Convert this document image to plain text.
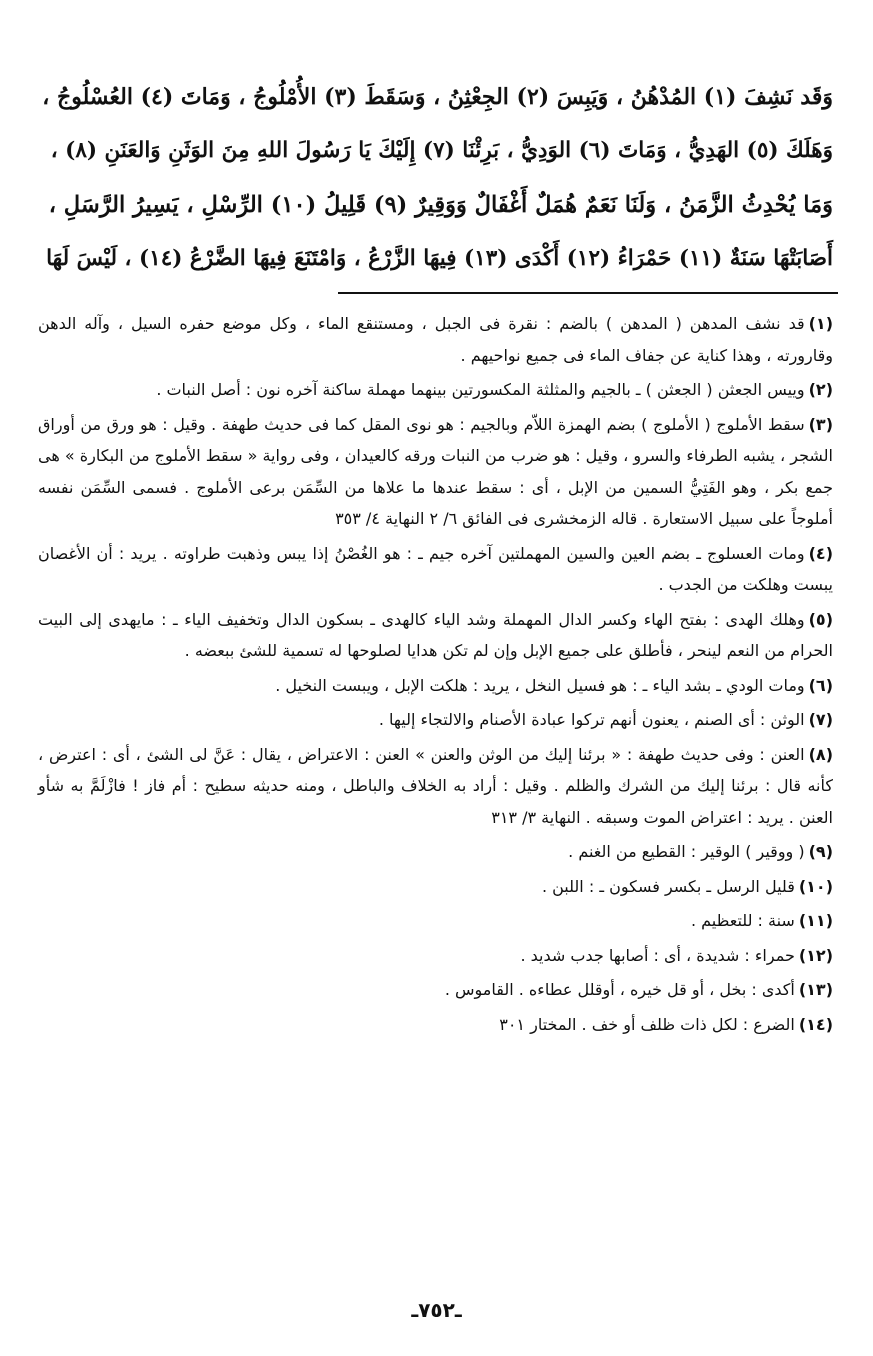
وَقَد نَشِفَ (١) المُدْهُنُ ، وَيَبِسَ (٢) الجِعْثِنُ ، وَسَقَطَ (٣) الأُمْلُوجُ ، وَمَاتَ (٤) العُسْلُوجُ ،
وَهَلَكَ (٥) الهَدِيُّ ، وَمَاتَ (٦) الوَدِيُّ ، بَرِئْنَا (٧) إِلَيْكَ يَا رَسُولَ اللهِ مِنَ الوَثَنِ وَالعَنَنِ (٨) ،
وَمَا يُحْدِثُ الزَّمَنُ ، وَلَنَا نَعَمٌ هُمَلٌ أَغْفَالٌ وَوَقِيرٌ (٩) قَلِيلُ (١٠) الرِّسْلِ ، يَسِيرُ الرَّسَلِ ،
أَصَابَتْهَا سَنَةٌ (١١) حَمْرَاءُ (١٢) أَكْدَى (١٣) فِيهَا الزَّرْعُ ، وَامْتَنَعَ فِيهَا الضَّرْعُ (١٤) ، لَيْسَ لَهَا
(١)قد نشف المدهن ( المدهن ) بالضم : نقرة فى الجبل ، ومستنقع الماء ، وكل موضع حفره السيل ، وآله الدهن وقارورته ، وهذا كناية عن جفاف الماء فى جميع نواحيهم .
(٢)وييس الجعثن ( الجعثن ) ـ بالجيم والمثلثة المكسورتين بينهما مهملة ساكنة آخره نون : أصل النبات .
(٣)سقط الأملوج ( الأملوج ) بضم الهمزة اللاّم وبالجيم : هو نوى المقل كما فى حديث طهفة . وقيل : هو ورق من أوراق الشجر ، يشبه الطرفاء والسرو ، وقيل : هو ضرب من النبات ورقه كالعيدان ، وفى رواية « سقط الأملوج من البكارة » هى جمع بكر ، وهو الفَتِيُّ السمين من الإبل ، أى : سقط عندها ما علاها من السِّمَن برعى الأملوج . فسمى السِّمَن نفسه أملوجاً على سبيل الاستعارة . قاله الزمخشرى فى الفائق ٦/ ٢ النهاية ٤/ ٣٥٣
(٤)ومات العسلوج ـ بضم العين والسين المهملتين آخره جيم ـ : هو الغُصْنُ إذا يبس وذهبت طراوته . يريد : أن الأغصان يبست وهلكت من الجدب .
(٥)وهلك الهدى : بفتح الهاء وكسر الدال المهملة وشد الياء كالهدى ـ بسكون الدال وتخفيف الياء ـ : مايهدى إلى البيت الحرام من النعم لينحر ، فأطلق على جميع الإبل وإن لم تكن هدايا لصلوحها له تسمية للشئ ببعضه .
(٦)ومات الودي ـ بشد الياء ـ : هو فسيل النخل ، يريد : هلكت الإبل ، ويبست النخيل .
(٧)الوثن : أى الصنم ، يعنون أنهم تركوا عبادة الأصنام والالتجاء إليها .
(٨)العنن : وفى حديث طهفة : « برئنا إليك من الوثن والعنن » العنن : الاعتراض ، يقال : عَنَّ لى الشئ ، أى : اعترض ، كأنه قال : برئنا إليك من الشرك والظلم . وقيل : أراد به الخلاف والباطل ، ومنه حديثه سطيح : أم فاز ! فازْلَمَّ به شأو العنن . يريد : اعتراض الموت وسبقه . النهاية ٣/ ٣١٣
(٩)( ووقير ) الوقير : القطيع من الغنم .
(١٠)قليل الرسل ـ بكسر فسكون ـ : اللبن .
(١١)سنة : للتعظيم .
(١٢)حمراء : شديدة ، أى : أصابها جدب شديد .
(١٣)أكدى : بخل ، أو قل خيره ، أوقلل عطاءه . القاموس .
(١٤)الضرع : لكل ذات ظلف أو خف . المختار ٣٠١
ـ٧٥٢ـ
